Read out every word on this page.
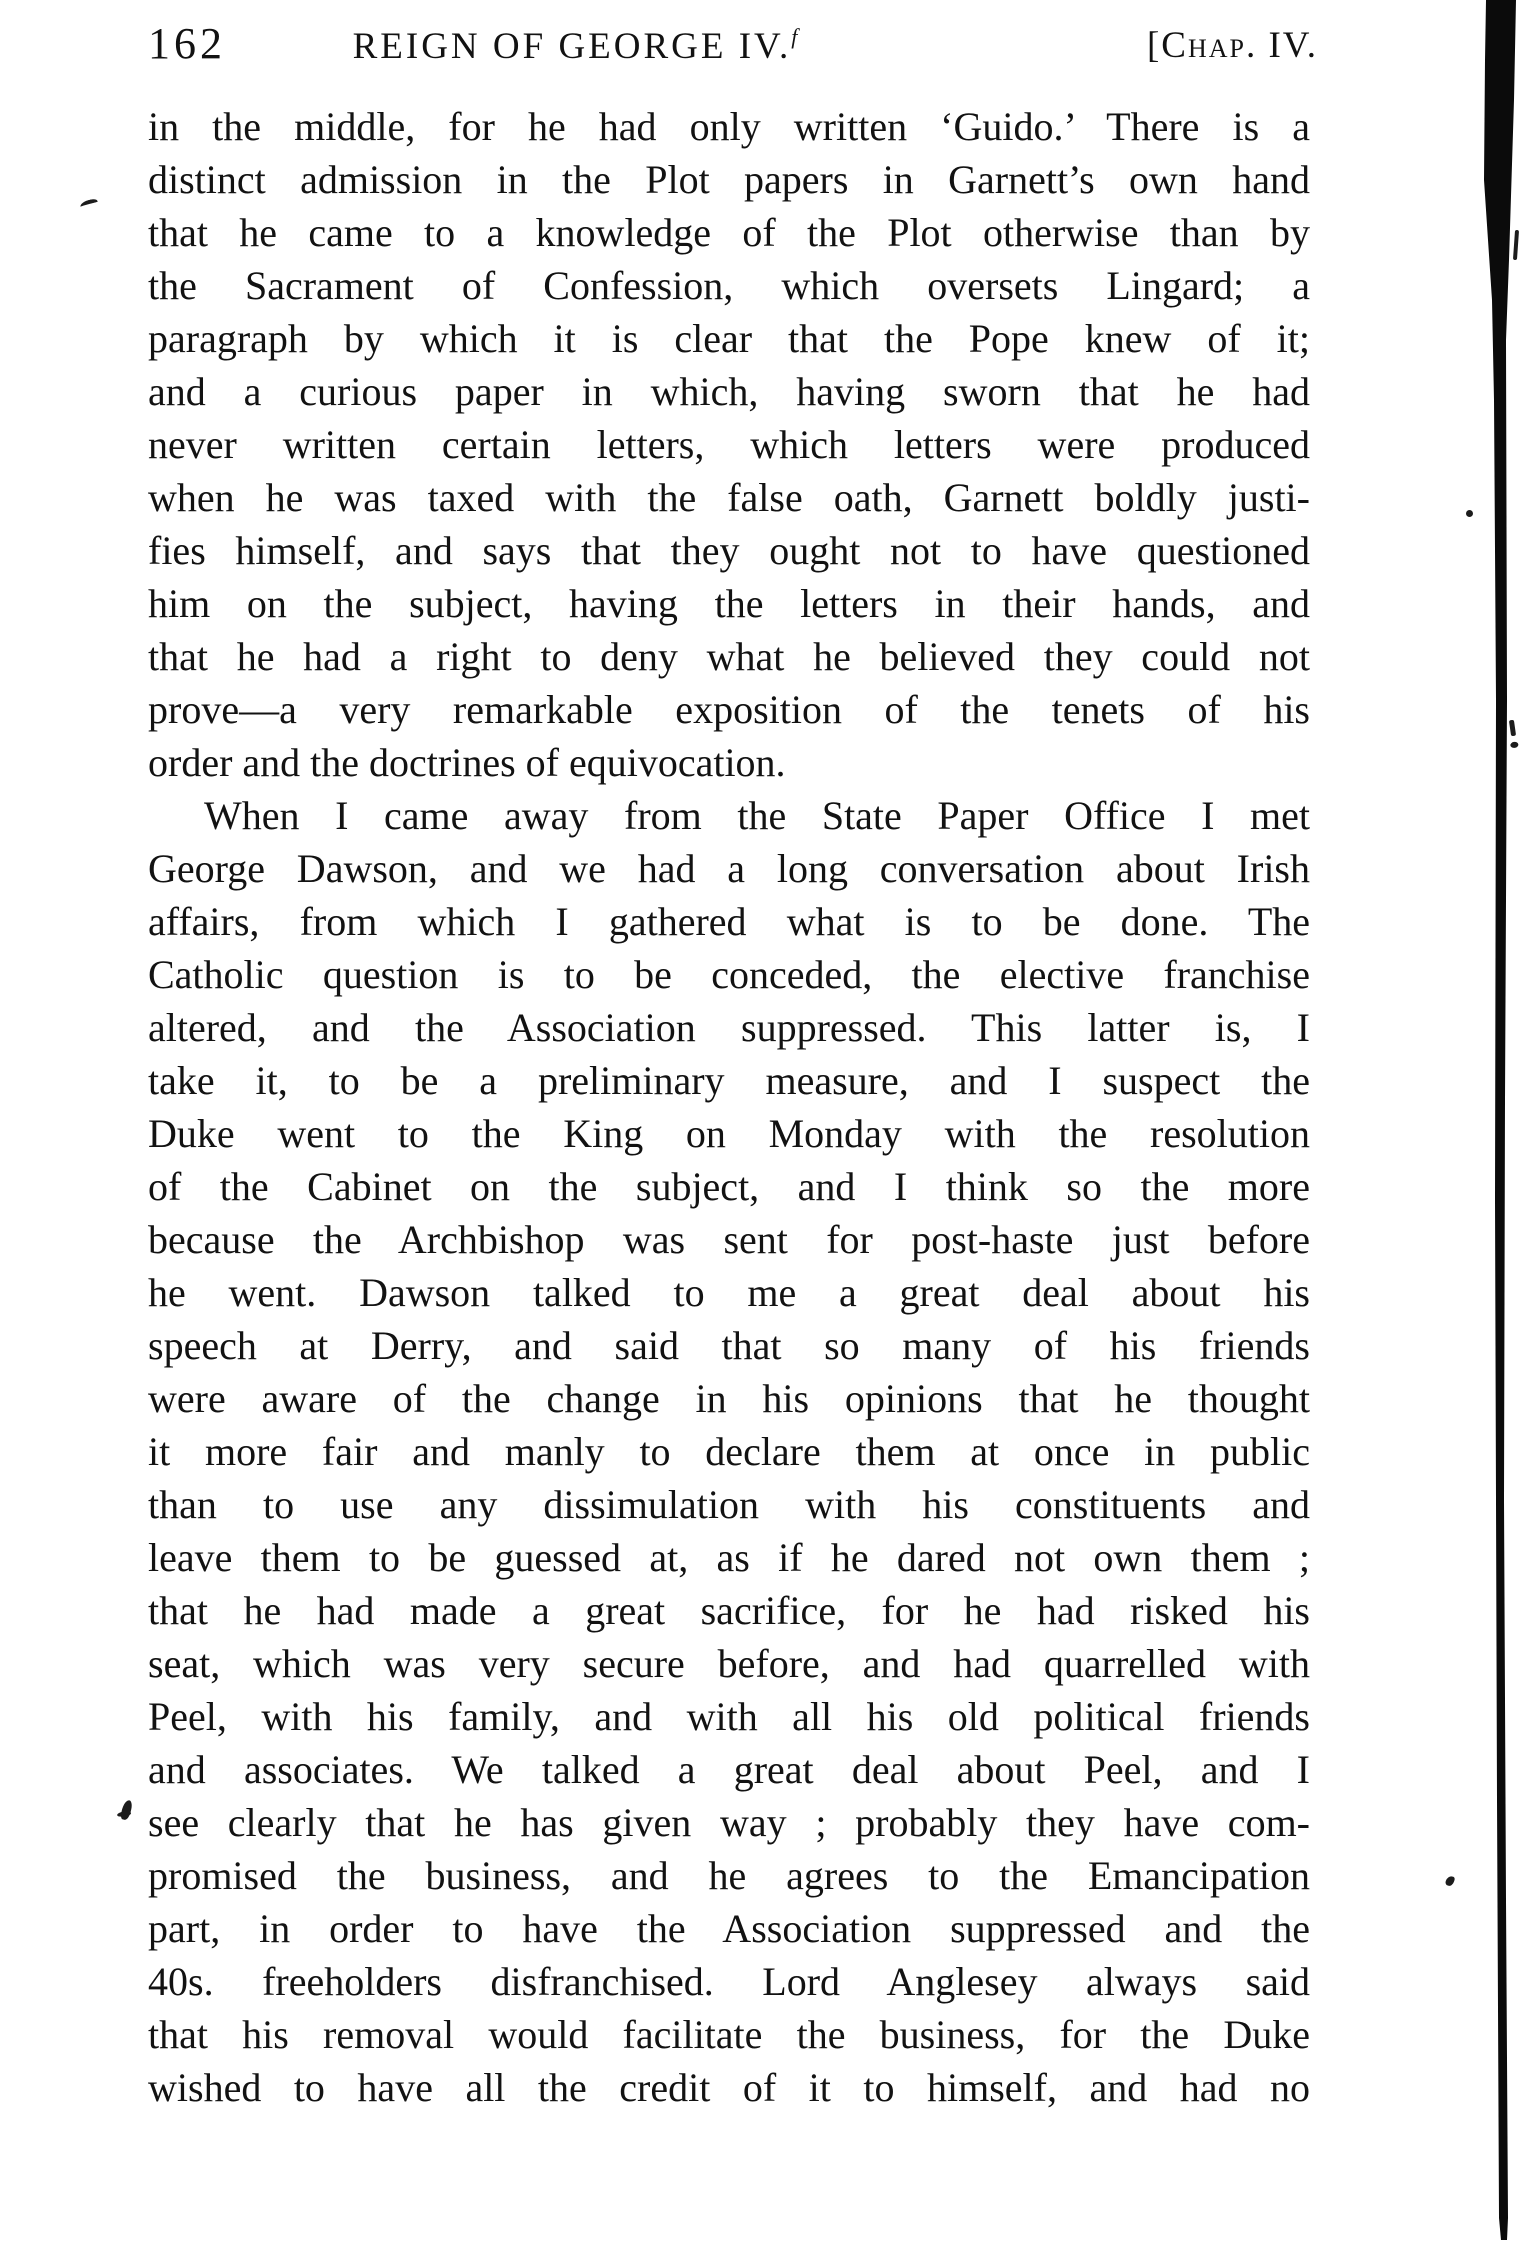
162	REIGN OF GEORGE IV.$^f$	[Chap. IV.
in the middle, for he had only written ‘Guido.’ There is a
distinct admission in the Plot papers in Garnett’s own hand
that he came to a knowledge of the Plot otherwise than by
the Sacrament of Confession, which oversets Lingard; a
paragraph by which it is clear that the Pope knew of it;
and a curious paper in which, having sworn that he had
never written certain letters, which letters were produced
when he was taxed with the false oath, Garnett boldly justi-
fies himself, and says that they ought not to have questioned
him on the subject, having the letters in their hands, and
that he had a right to deny what he believed they could not
prove—a very remarkable exposition of the tenets of his
order and the doctrines of equivocation.
When I came away from the State Paper Office I met
George Dawson, and we had a long conversation about Irish
affairs, from which I gathered what is to be done. The
Catholic question is to be conceded, the elective franchise
altered, and the Association suppressed. This latter is, I
take it, to be a preliminary measure, and I suspect the
Duke went to the King on Monday with the resolution
of the Cabinet on the subject, and I think so the more
because the Archbishop was sent for post-haste just before
he went. Dawson talked to me a great deal about his
speech at Derry, and said that so many of his friends
were aware of the change in his opinions that he thought
it more fair and manly to declare them at once in public
than to use any dissimulation with his constituents and
leave them to be guessed at, as if he dared not own them ;
that he had made a great sacrifice, for he had risked his
seat, which was very secure before, and had quarrelled with
Peel, with his family, and with all his old political friends
and associates. We talked a great deal about Peel, and I
see clearly that he has given way ; probably they have com-
promised the business, and he agrees to the Emancipation
part, in order to have the Association suppressed and the
40s. freeholders disfranchised. Lord Anglesey always said
that his removal would facilitate the business, for the Duke
wished to have all the credit of it to himself, and had no
